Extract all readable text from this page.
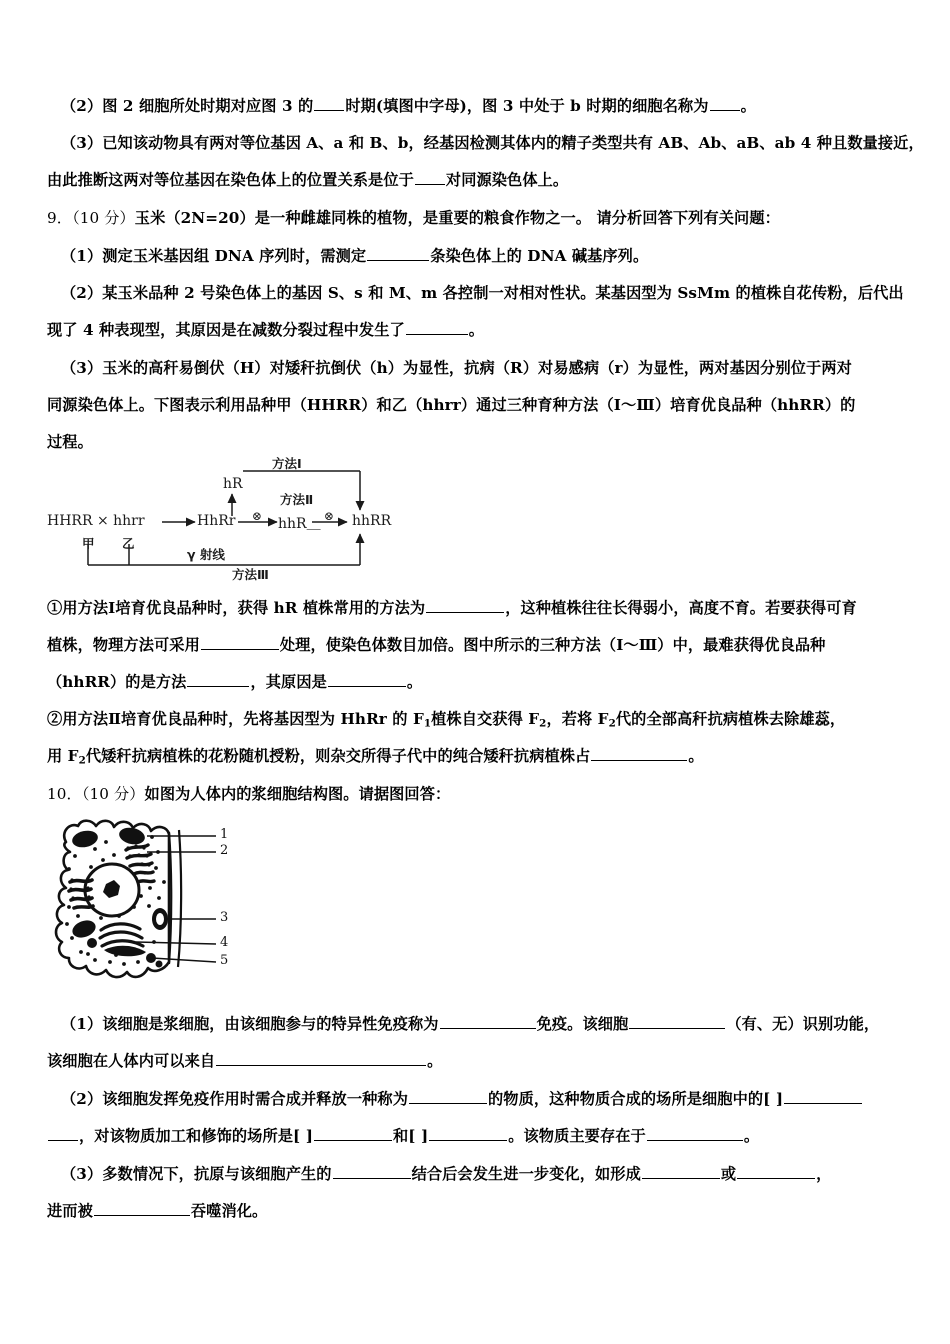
（2）图 2 细胞所处时期对应图 3 的 时期(填图中字母)，图 3 中处于 b 时期的细胞名称为 。
（3）已知该动物具有两对等位基因 A、a 和 B、b，经基因检测其体内的精子类型共有 AB、Ab、aB、ab 4 种且数量接近，
由此推断这两对等位基因在染色体上的位置关系是位于 对同源染色体上。
9．（10 分）玉米（2N=20）是一种雌雄同株的植物，是重要的粮食作物之一。 请分析回答下列有关问题：
（1）测定玉米基因组 DNA 序列时，需测定	条染色体上的 DNA 碱基序列。
（2）某玉米品种 2 号染色体上的基因 S、s 和 M、m 各控制一对相对性状。某基因型为 SsMm 的植株自花传粉，后代出
现了 4 种表现型，其原因是在减数分裂过程中发生了	。
（3）玉米的高秆易倒伏（H）对矮秆抗倒伏（h）为显性，抗病（R）对易感病（r）为显性，两对基因分别位于两对
同源染色体上。下图表示利用品种甲（HHRR）和乙（hhrr）通过三种育种方法（Ⅰ～Ⅲ）培育优良品种（hhRR）的
过程。
HHRR × hhrr
甲 乙
HhRr
hR
⊗ hhR＿ ⊗ hhRR
方法Ⅰ
方法Ⅱ
方法Ⅲ
γ 射线
①用方法Ⅰ培育优良品种时，获得 hR 植株常用的方法为	，这种植株往往长得弱小，高度不育。若要获得可育
植株，物理方法可采用	处理，使染色体数目加倍。图中所示的三种方法（Ⅰ～Ⅲ）中，最难获得优良品种
（hhRR）的是方法	，其原因是	。
②用方法Ⅱ培育优良品种时，先将基因型为 HhRr 的 $F_1$植株自交获得 $F_2$，若将 $F_2$代的全部高秆抗病植株去除雄蕊，
用 $F_2$代矮秆抗病植株的花粉随机授粉，则杂交所得子代中的纯合矮秆抗病植株占	。
10．（10 分）如图为人体内的浆细胞结构图。请据图回答：
1
2
3
4
5
（1）该细胞是浆细胞，由该细胞参与的特异性免疫称为	免疫。该细胞	（有、无）识别功能，
该细胞在人体内可以来自	。
（2）该细胞发挥免疫作用时需合成并释放一种称为	的物质，这种物质合成的场所是细胞中的[ ]
，对该物质加工和修饰的场所是[ ]	和[ ]	。该物质主要存在于	。
（3）多数情况下，抗原与该细胞产生的	结合后会发生进一步变化，如形成	或	，
进而被	吞噬消化。
